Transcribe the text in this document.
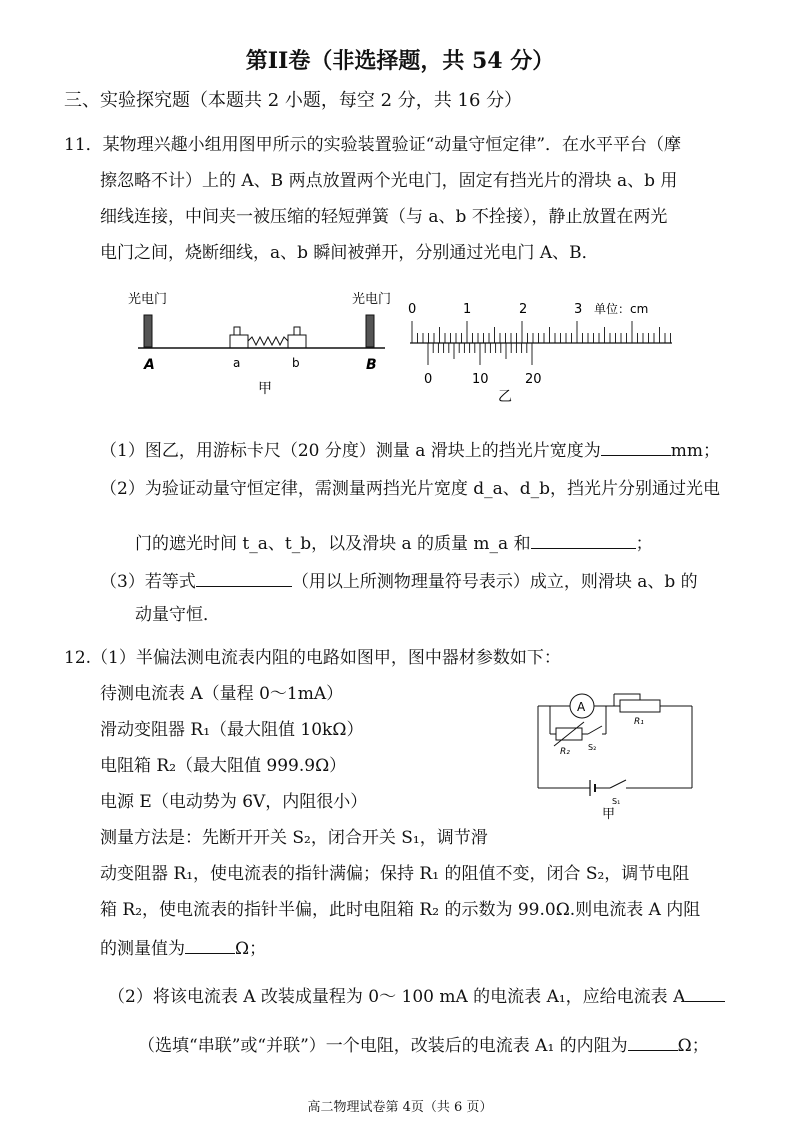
第II卷（非选择题，共 54 分）
三、实验探究题（本题共 2 小题，每空 2 分，共 16 分）
11．某物理兴趣小组用图甲所示的实验装置验证“动量守恒定律”．在水平平台（摩
擦忽略不计）上的 A、B 两点放置两个光电门，固定有挡光片的滑块 a、b 用
细线连接，中间夹一被压缩的轻短弹簧（与 a、b 不拴接），静止放置在两光
电门之间，烧断细线，a、b 瞬间被弹开，分别通过光电门 A、B．
光电门	光电门
A	a	b	B
甲
0	1	2	3 单位：cm
0	10	20
乙
（1）图乙，用游标卡尺（20 分度）测量 a 滑块上的挡光片宽度为	mm；
（2）为验证动量守恒定律，需测量两挡光片宽度 d_a、d_b，挡光片分别通过光电
门的遮光时间 t_a、t_b，以及滑块 a 的质量 m_a 和	；
（3）若等式	（用以上所测物理量符号表示）成立，则滑块 a、b 的
动量守恒．
12.（1）半偏法测电流表内阻的电路如图甲，图中器材参数如下：
待测电流表 A（量程 0～1mA）
滑动变阻器 R₁（最大阻值 10kΩ）
电阻箱 R₂（最大阻值 999.9Ω）
电源 E（电动势为 6V，内阻很小）
测量方法是：先断开开关 S₂，闭合开关 S₁，调节滑
动变阻器 R₁，使电流表的指针满偏；保持 R₁ 的阻值不变，闭合 S₂，调节电阻
箱 R₂，使电流表的指针半偏，此时电阻箱 R₂ 的示数为 99.0Ω.则电流表 A 内阻
的测量值为	Ω；
（2）将该电流表 A 改装成量程为 0～ 100 mA 的电流表 A₁，应给电流表 A
（选填“串联”或“并联”）一个电阻，改装后的电流表 A₁ 的内阻为	Ω；
A
R₁
R₂ S₂
S₁
甲
高二物理试卷第 4页（共 6 页）
